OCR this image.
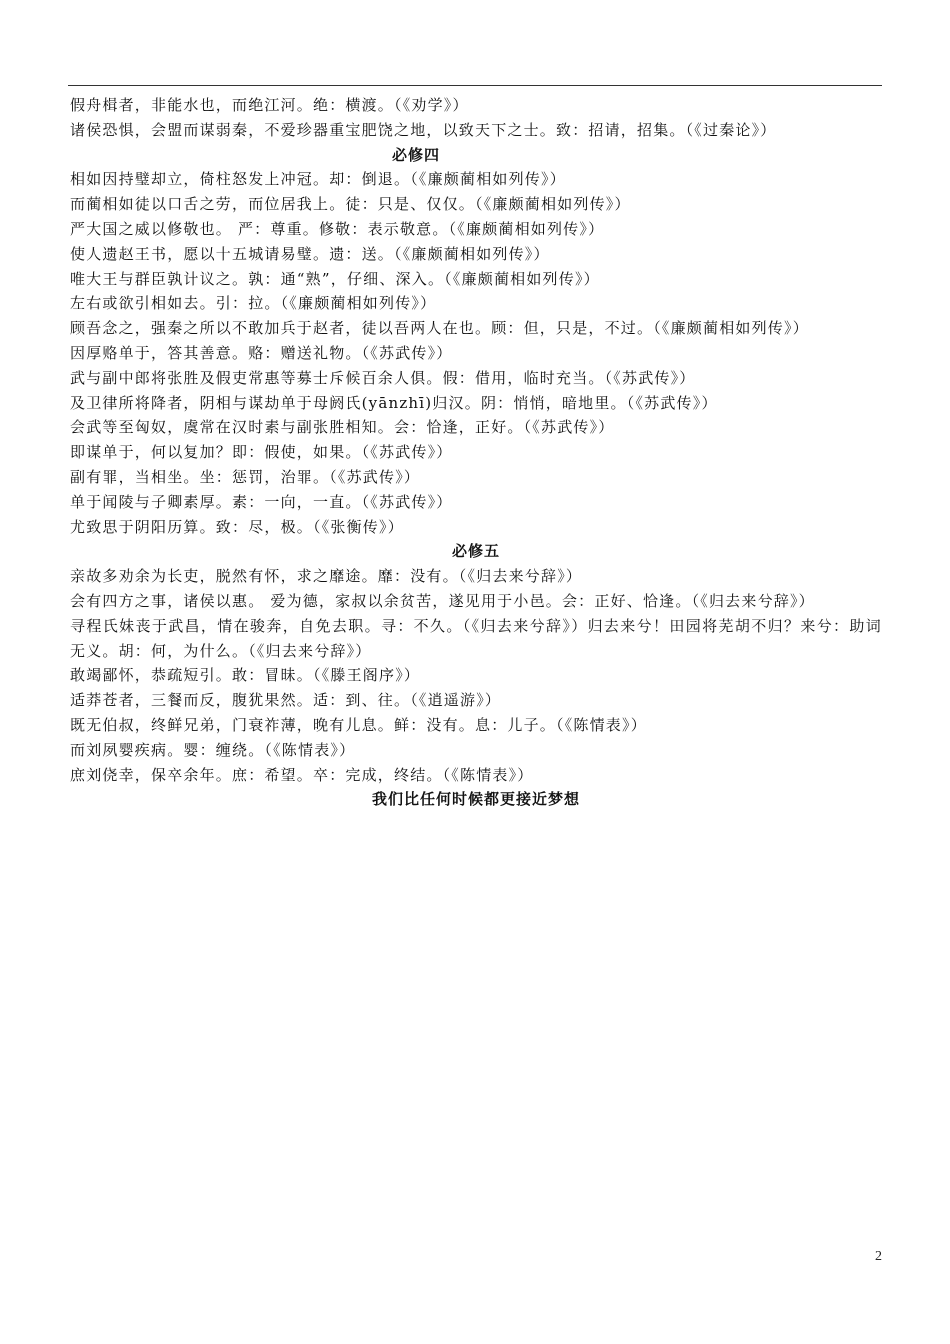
假舟楫者，非能水也，而绝江河。绝：横渡。（《劝学》）
诸侯恐惧，会盟而谋弱秦，不爱珍器重宝肥饶之地，以致天下之士。致：招请，招集。（《过秦论》）
必修四
相如因持璧却立，倚柱怒发上冲冠。却：倒退。（《廉颇蔺相如列传》）
而蔺相如徒以口舌之劳，而位居我上。徒：只是、仅仅。（《廉颇蔺相如列传》）
严大国之威以修敬也。 严：尊重。修敬：表示敬意。（《廉颇蔺相如列传》）
使人遗赵王书，愿以十五城请易璧。遗：送。（《廉颇蔺相如列传》）
唯大王与群臣孰计议之。孰：通“熟”，仔细、深入。（《廉颇蔺相如列传》）
左右或欲引相如去。引：拉。（《廉颇蔺相如列传》）
顾吾念之，强秦之所以不敢加兵于赵者，徒以吾两人在也。顾：但，只是，不过。（《廉颇蔺相如列传》）
因厚赂单于，答其善意。赂：赠送礼物。（《苏武传》）
武与副中郎将张胜及假吏常惠等募士斥候百余人俱。假：借用，临时充当。（《苏武传》）
及卫律所将降者，阴相与谋劫单于母阏氏(yānzhī)归汉。阴：悄悄，暗地里。（《苏武传》）
会武等至匈奴，虞常在汉时素与副张胜相知。会：恰逢，正好。（《苏武传》）
即谋单于，何以复加？即：假使，如果。（《苏武传》）
副有罪，当相坐。坐：惩罚，治罪。（《苏武传》）
单于闻陵与子卿素厚。素：一向，一直。（《苏武传》）
尤致思于阴阳历算。致：尽，极。（《张衡传》）
必修五
亲故多劝余为长吏，脱然有怀，求之靡途。靡：没有。（《归去来兮辞》）
会有四方之事，诸侯以惠。 爱为德，家叔以余贫苦，遂见用于小邑。会：正好、恰逢。（《归去来兮辞》）
寻程氏妹丧于武昌，情在骏奔，自免去职。寻：不久。（《归去来兮辞》）归去来兮！田园将芜胡不归？来兮：助词无义。胡：何，为什么。（《归去来兮辞》）
敢竭鄙怀，恭疏短引。敢：冒昧。（《滕王阁序》）
适莽苍者，三餐而反，腹犹果然。适：到、往。（《逍遥游》）
既无伯叔，终鲜兄弟，门衰祚薄，晚有儿息。鲜：没有。息：儿子。（《陈情表》）
而刘夙婴疾病。婴：缠绕。（《陈情表》）
庶刘侥幸，保卒余年。庶：希望。卒：完成，终结。（《陈情表》）
我们比任何时候都更接近梦想
2
